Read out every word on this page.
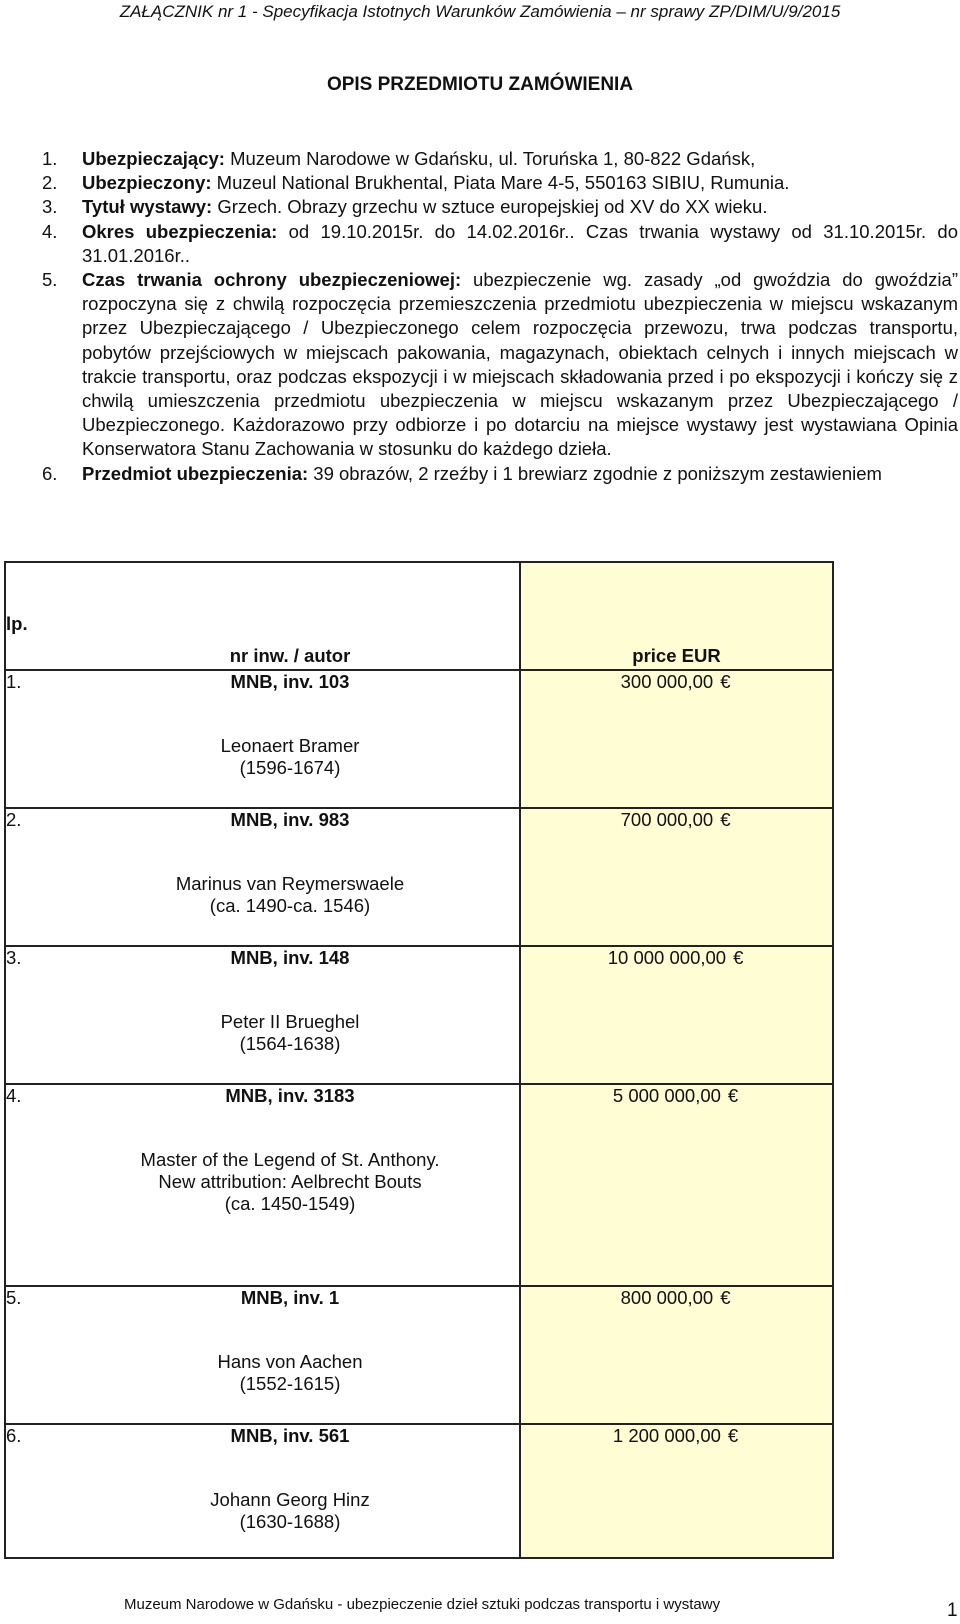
ZAŁĄCZNIK nr 1 - Specyfikacja Istotnych Warunków Zamówienia – nr sprawy ZP/DIM/U/9/2015
OPIS PRZEDMIOTU ZAMÓWIENIA
1.	Ubezpieczający: Muzeum Narodowe w Gdańsku, ul. Toruńska 1, 80-822 Gdańsk,
2.	Ubezpieczony: Muzeul National Brukhental, Piata Mare 4-5, 550163 SIBIU, Rumunia.
3.	Tytuł wystawy: Grzech. Obrazy grzechu w sztuce europejskiej od XV do XX wieku.
4.	Okres ubezpieczenia: od 19.10.2015r. do 14.02.2016r.. Czas trwania wystawy od 31.10.2015r. do 31.01.2016r..
5.	Czas trwania ochrony ubezpieczeniowej: ubezpieczenie wg. zasady „od gwoździa do gwoździa” rozpoczyna się z chwilą rozpoczęcia przemieszczenia przedmiotu ubezpieczenia w miejscu wskazanym przez Ubezpieczającego / Ubezpieczonego celem rozpoczęcia przewozu, trwa podczas transportu, pobytów przejściowych w miejscach pakowania, magazynach, obiektach celnych i innych miejscach w trakcie transportu, oraz podczas ekspozycji i w miejscach składowania przed i po ekspozycji i kończy się z chwilą umieszczenia przedmiotu ubezpieczenia w miejscu wskazanym przez Ubezpieczającego / Ubezpieczonego. Każdorazowo przy odbiorze i po dotarciu na miejsce wystawy jest wystawiana Opinia Konserwatora Stanu Zachowania w stosunku do każdego dzieła.
6.	Przedmiot ubezpieczenia: 39 obrazów, 2 rzeźby i 1 brewiarz zgodnie z poniższym zestawieniem
lp.	nr inw. / autor	price EUR
1.	MNB, inv. 103
Leonaert Bramer
(1596-1674)	300 000,00 €
2.	MNB, inv. 983
Marinus van Reymerswaele
(ca. 1490-ca. 1546)	700 000,00 €
3.	MNB, inv. 148
Peter II Brueghel
(1564-1638)	10 000 000,00 €
4.	MNB, inv. 3183
Master of the Legend of St. Anthony.
New attribution: Aelbrecht Bouts
(ca. 1450-1549)	5 000 000,00 €
5.	MNB, inv. 1
Hans von Aachen
(1552-1615)	800 000,00 €
6.	MNB, inv. 561
Johann Georg Hinz
(1630-1688)	1 200 000,00 €
Muzeum Narodowe w Gdańsku - ubezpieczenie dzieł sztuki podczas transportu i wystawy	1
